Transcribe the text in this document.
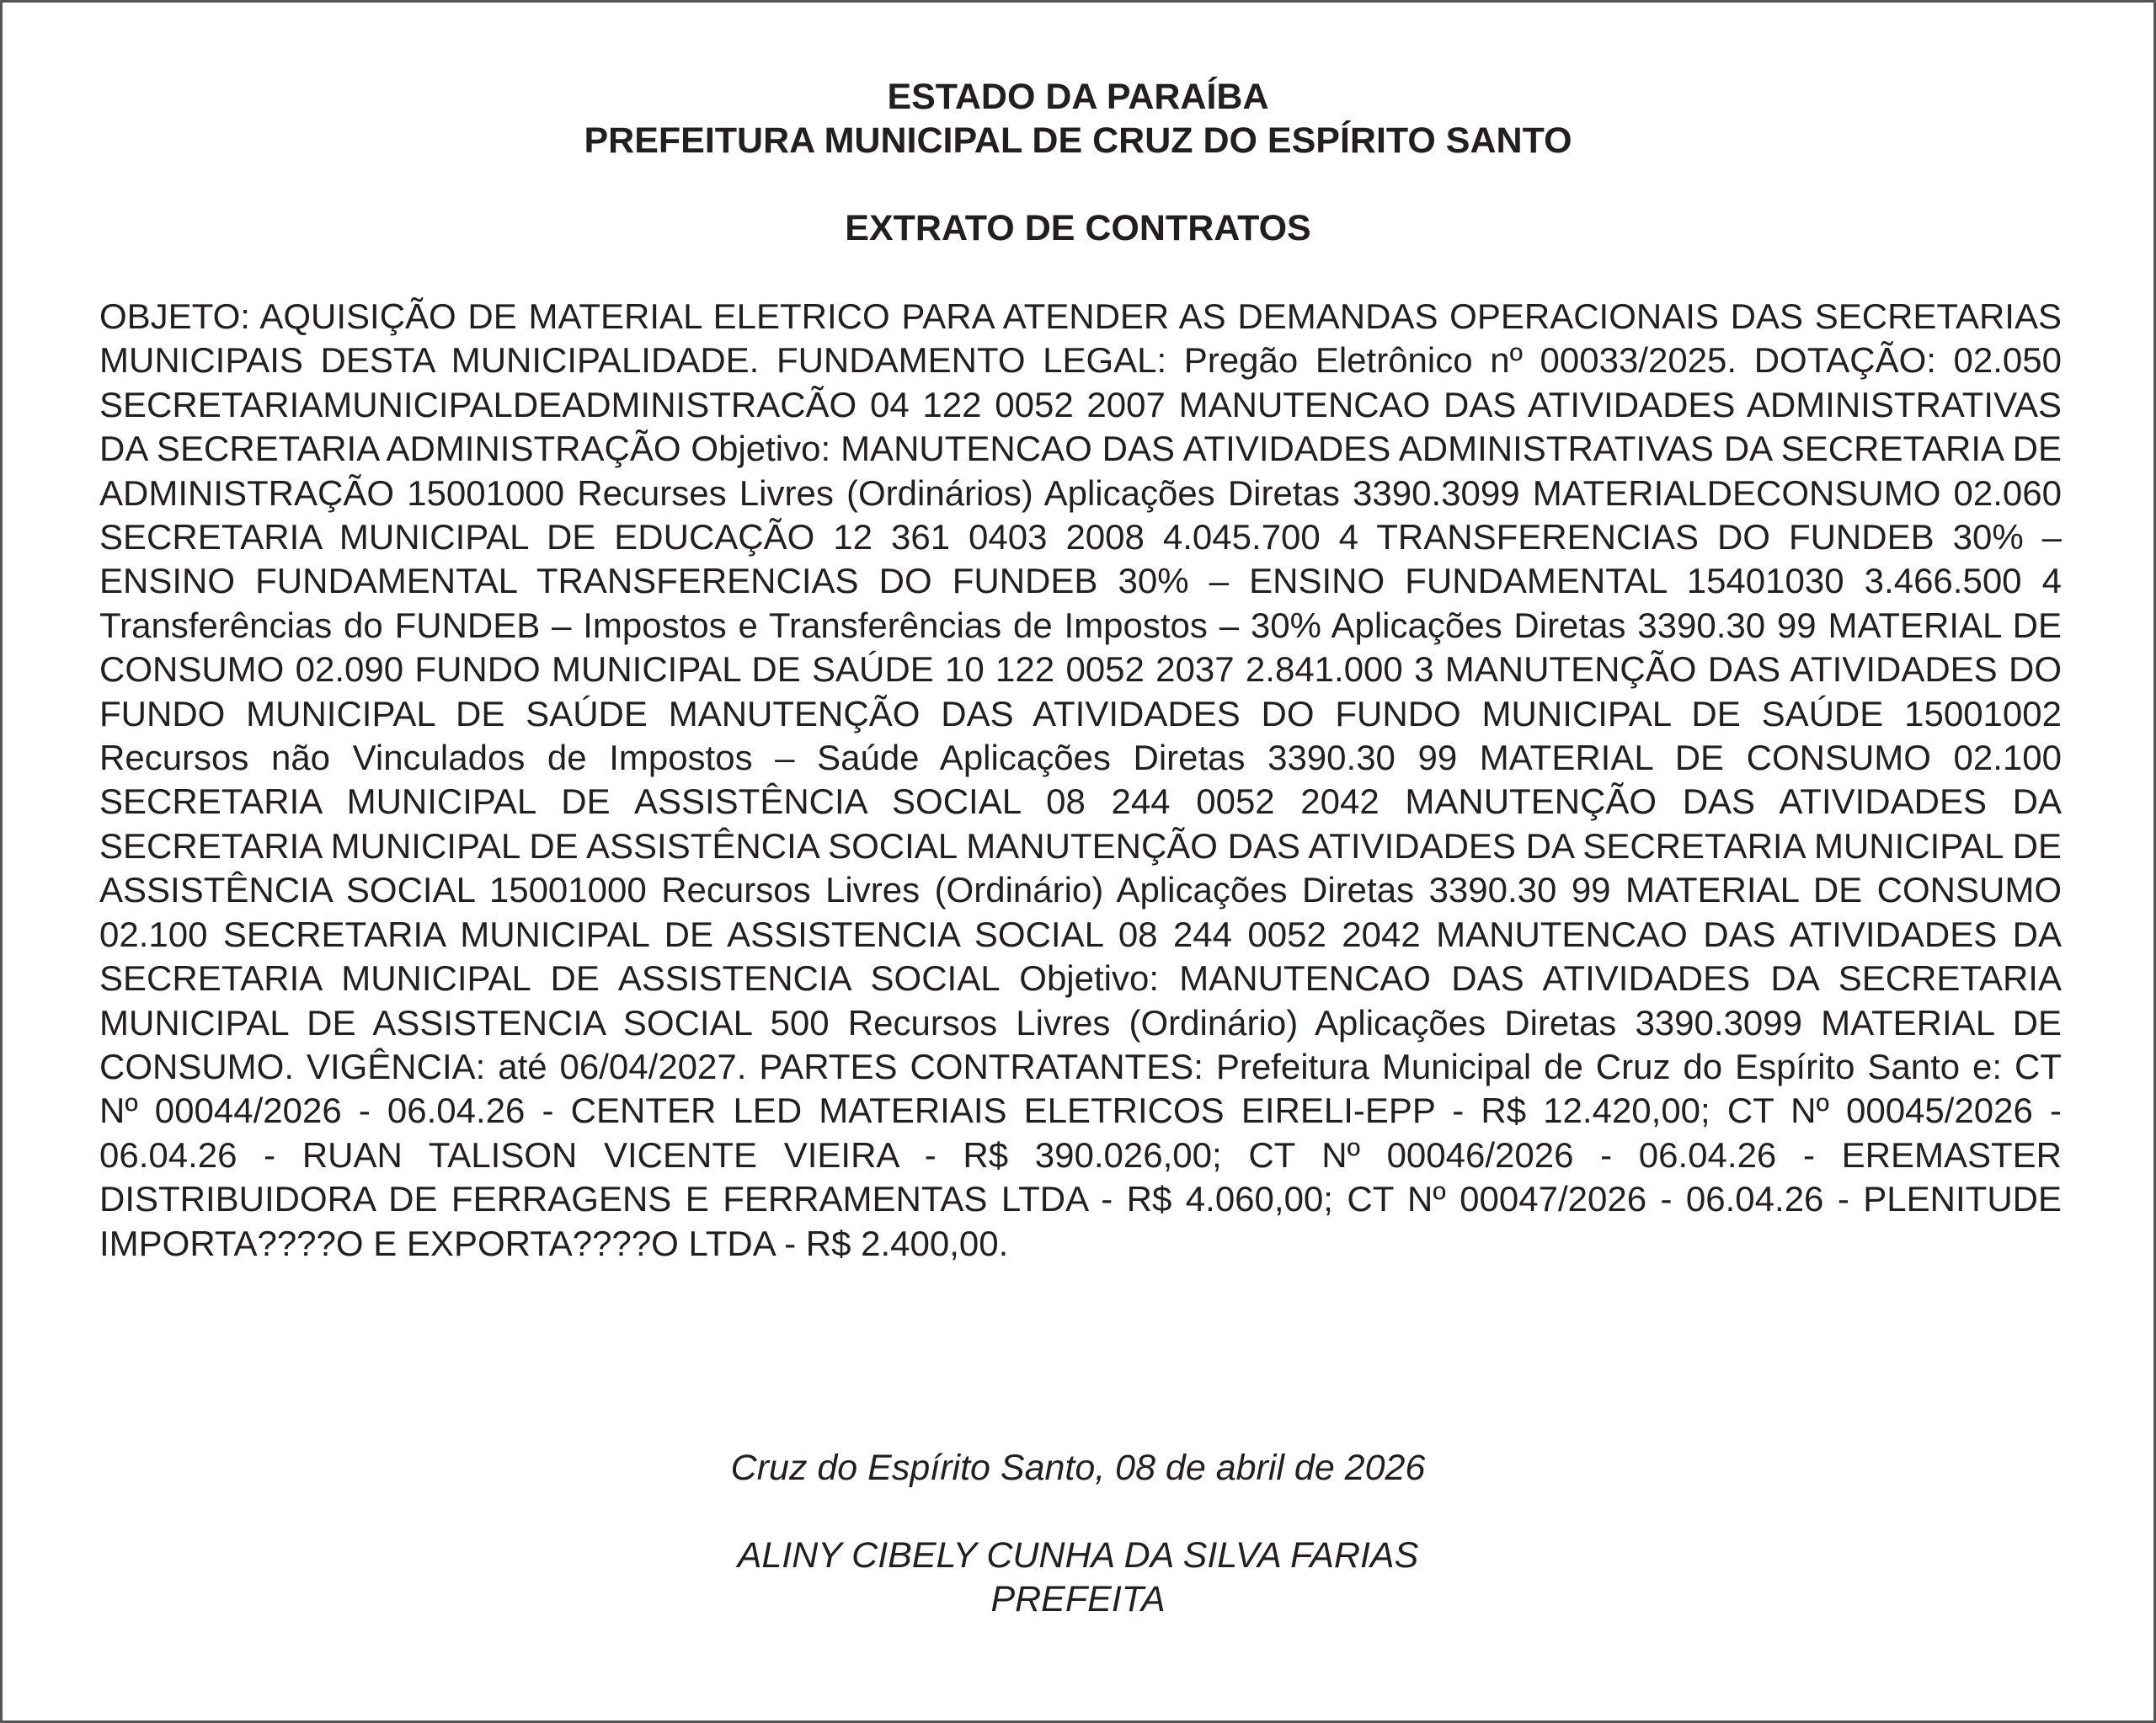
ESTADO DA PARAÍBA
PREFEITURA MUNICIPAL DE CRUZ DO ESPÍRITO SANTO
EXTRATO DE CONTRATOS

OBJETO: AQUISIÇÃO DE MATERIAL ELETRICO PARA ATENDER AS DEMANDAS OPERACIONAIS DAS SECRETARIAS MUNICIPAIS DESTA MUNICIPALIDADE. FUNDAMENTO LEGAL: Pregão Eletrônico nº 00033/2025. DOTAÇÃO: 02.050 SECRETARIAMUNICIPALDEADMINISTRACÃO 04 122 0052 2007 MANUTENCAO DAS ATIVIDADES ADMINISTRATIVAS DA SECRETARIA ADMINISTRAÇÃO Objetivo: MANUTENCAO DAS ATIVIDADES ADMINISTRATIVAS DA SECRETARIA DE ADMINISTRAÇÃO 15001000 Recurses Livres (Ordinários) Aplicações Diretas 3390.3099 MATERIALDECONSUMO 02.060 SECRETARIA MUNICIPAL DE EDUCAÇÃO 12 361 0403 2008 4.045.700 4 TRANSFERENCIAS DO FUNDEB 30% – ENSINO FUNDAMENTAL TRANSFERENCIAS DO FUNDEB 30% – ENSINO FUNDAMENTAL 15401030 3.466.500 4 Transferências do FUNDEB – Impostos e Transferências de Impostos – 30% Aplicações Diretas 3390.30 99 MATERIAL DE CONSUMO 02.090 FUNDO MUNICIPAL DE SAÚDE 10 122 0052 2037 2.841.000 3 MANUTENÇÃO DAS ATIVIDADES DO FUNDO MUNICIPAL DE SAÚDE MANUTENÇÃO DAS ATIVIDADES DO FUNDO MUNICIPAL DE SAÚDE 15001002 Recursos não Vinculados de Impostos – Saúde Aplicações Diretas 3390.30 99 MATERIAL DE CONSUMO 02.100 SECRETARIA MUNICIPAL DE ASSISTÊNCIA SOCIAL 08 244 0052 2042 MANUTENÇÃO DAS ATIVIDADES DA SECRETARIA MUNICIPAL DE ASSISTÊNCIA SOCIAL MANUTENÇÃO DAS ATIVIDADES DA SECRETARIA MUNICIPAL DE ASSISTÊNCIA SOCIAL 15001000 Recursos Livres (Ordinário) Aplicações Diretas 3390.30 99 MATERIAL DE CONSUMO 02.100 SECRETARIA MUNICIPAL DE ASSISTENCIA SOCIAL 08 244 0052 2042 MANUTENCAO DAS ATIVIDADES DA SECRETARIA MUNICIPAL DE ASSISTENCIA SOCIAL Objetivo: MANUTENCAO DAS ATIVIDADES DA SECRETARIA MUNICIPAL DE ASSISTENCIA SOCIAL 500 Recursos Livres (Ordinário) Aplicações Diretas 3390.3099 MATERIAL DE CONSUMO. VIGÊNCIA: até 06/04/2027. PARTES CONTRATANTES: Prefeitura Municipal de Cruz do Espírito Santo e: CT Nº 00044/2026 - 06.04.26 - CENTER LED MATERIAIS ELETRICOS EIRELI-EPP - R$ 12.420,00; CT Nº 00045/2026 - 06.04.26 - RUAN TALISON VICENTE VIEIRA - R$ 390.026,00; CT Nº 00046/2026 - 06.04.26 - EREMASTER DISTRIBUIDORA DE FERRAGENS E FERRAMENTAS LTDA - R$ 4.060,00; CT Nº 00047/2026 - 06.04.26 - PLENITUDE IMPORTA????O E EXPORTA????O LTDA - R$ 2.400,00.

Cruz do Espírito Santo, 08 de abril de 2026
ALINY CIBELY CUNHA DA SILVA FARIAS
PREFEITA
